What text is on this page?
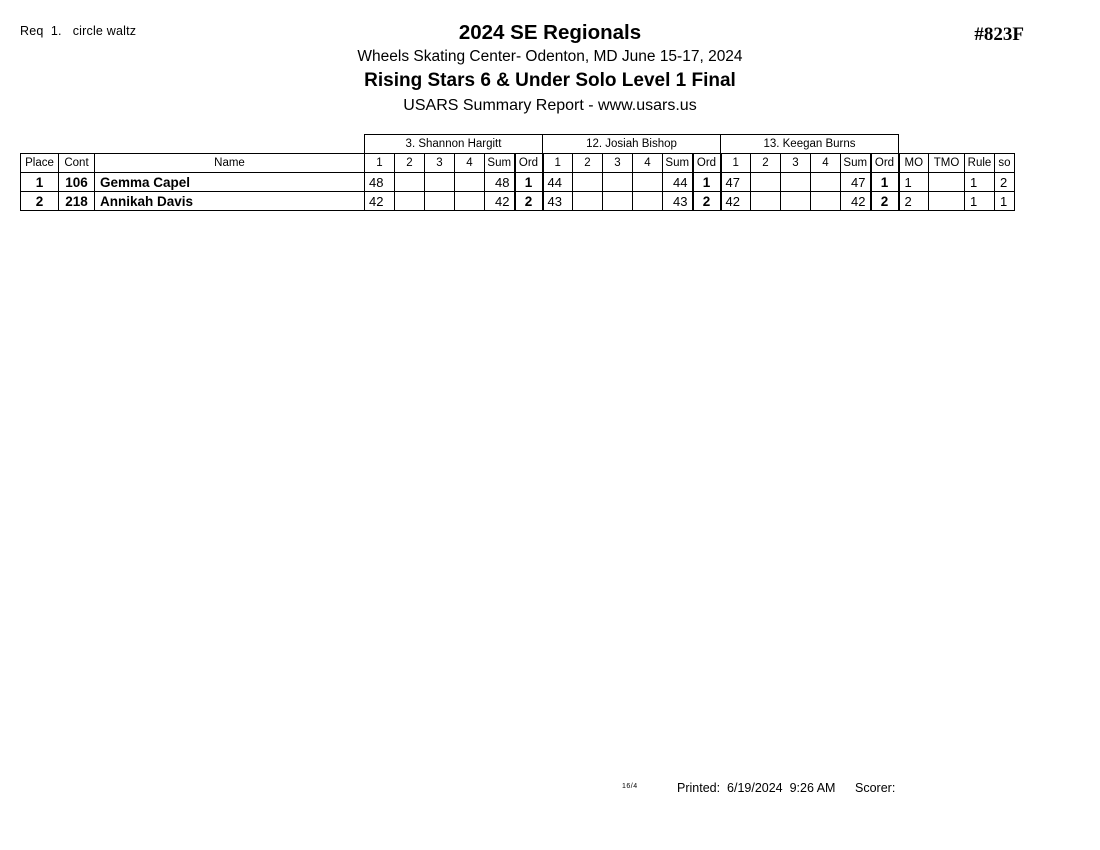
Req  1.   circle waltz	#823F
2024 SE Regionals
Wheels Skating Center- Odenton, MD June 15-17, 2024
Rising Stars 6 & Under Solo Level 1 Final
USARS Summary Report - www.usars.us
			3. Shannon Hargitt						12. Josiah Bishop						13. Keegan Burns									
Place	Cont	Name	1	2	3	4	Sum	Ord	1	2	3	4	Sum	Ord	1	2	3	4	Sum	Ord	MO	TMO	Rule	so
1	106	Gemma Capel	48				48	1	44				44	1	47				47	1	1		1	2
2	218	Annikah Davis	42				42	2	43				43	2	42				42	2	2		1	1
16/4	Printed:  6/19/2024  9:26 AM Scorer:
